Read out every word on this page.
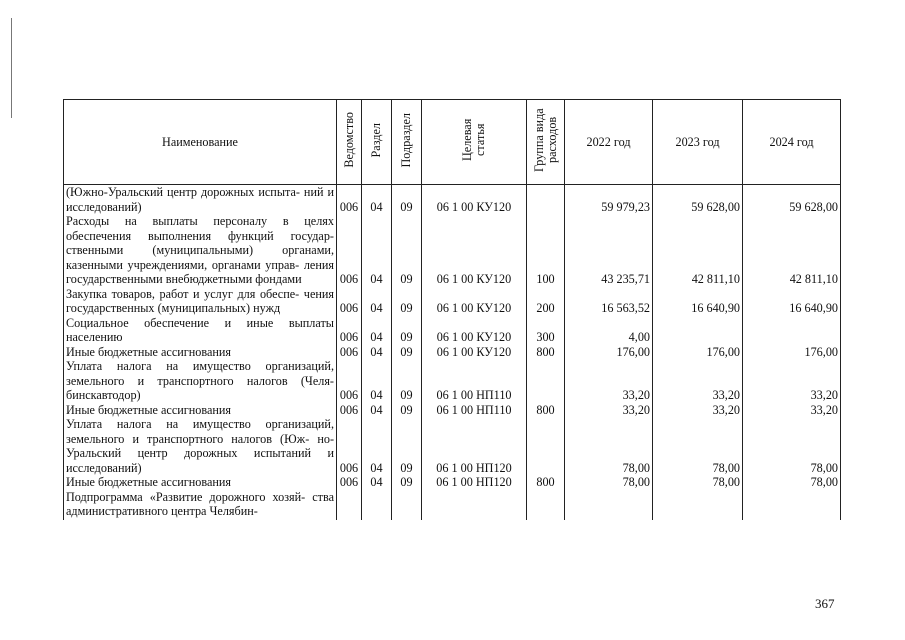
Наименование	Ведомство	Раздел	Подраздел	Целевая статья	Группа вида расходов	2022 год	2023 год	2024 год
(Южно-Уральский центр дорожных испыта- ний и исследований)	006	04	09	06 1 00 КУ120		59 979,23	59 628,00	59 628,00
Расходы на выплаты персоналу в целях обеспечения выполнения функций государ- ственными (муниципальными) органами, казенными учреждениями, органами управ- ления государственными внебюджетными фондами	006	04	09	06 1 00 КУ120	100	43 235,71	42 811,10	42 811,10
Закупка товаров, работ и услуг для обеспе- чения государственных (муниципальных) нужд	006	04	09	06 1 00 КУ120	200	16 563,52	16 640,90	16 640,90
Социальное обеспечение и иные выплаты населению	006	04	09	06 1 00 КУ120	300	4,00		
Иные бюджетные ассигнования	006	04	09	06 1 00 КУ120	800	176,00	176,00	176,00
Уплата налога на имущество организаций, земельного и транспортного налогов (Челя- бинскавтодор)	006	04	09	06 1 00 НП110		33,20	33,20	33,20
Иные бюджетные ассигнования	006	04	09	06 1 00 НП110	800	33,20	33,20	33,20
Уплата налога на имущество организаций, земельного и транспортного налогов (Юж- но-Уральский центр дорожных испытаний и исследований)	006	04	09	06 1 00 НП120		78,00	78,00	78,00
Иные бюджетные ассигнования	006	04	09	06 1 00 НП120	800	78,00	78,00	78,00
Подпрограмма «Развитие дорожного хозяй- ства административного центра Челябин-								
367
